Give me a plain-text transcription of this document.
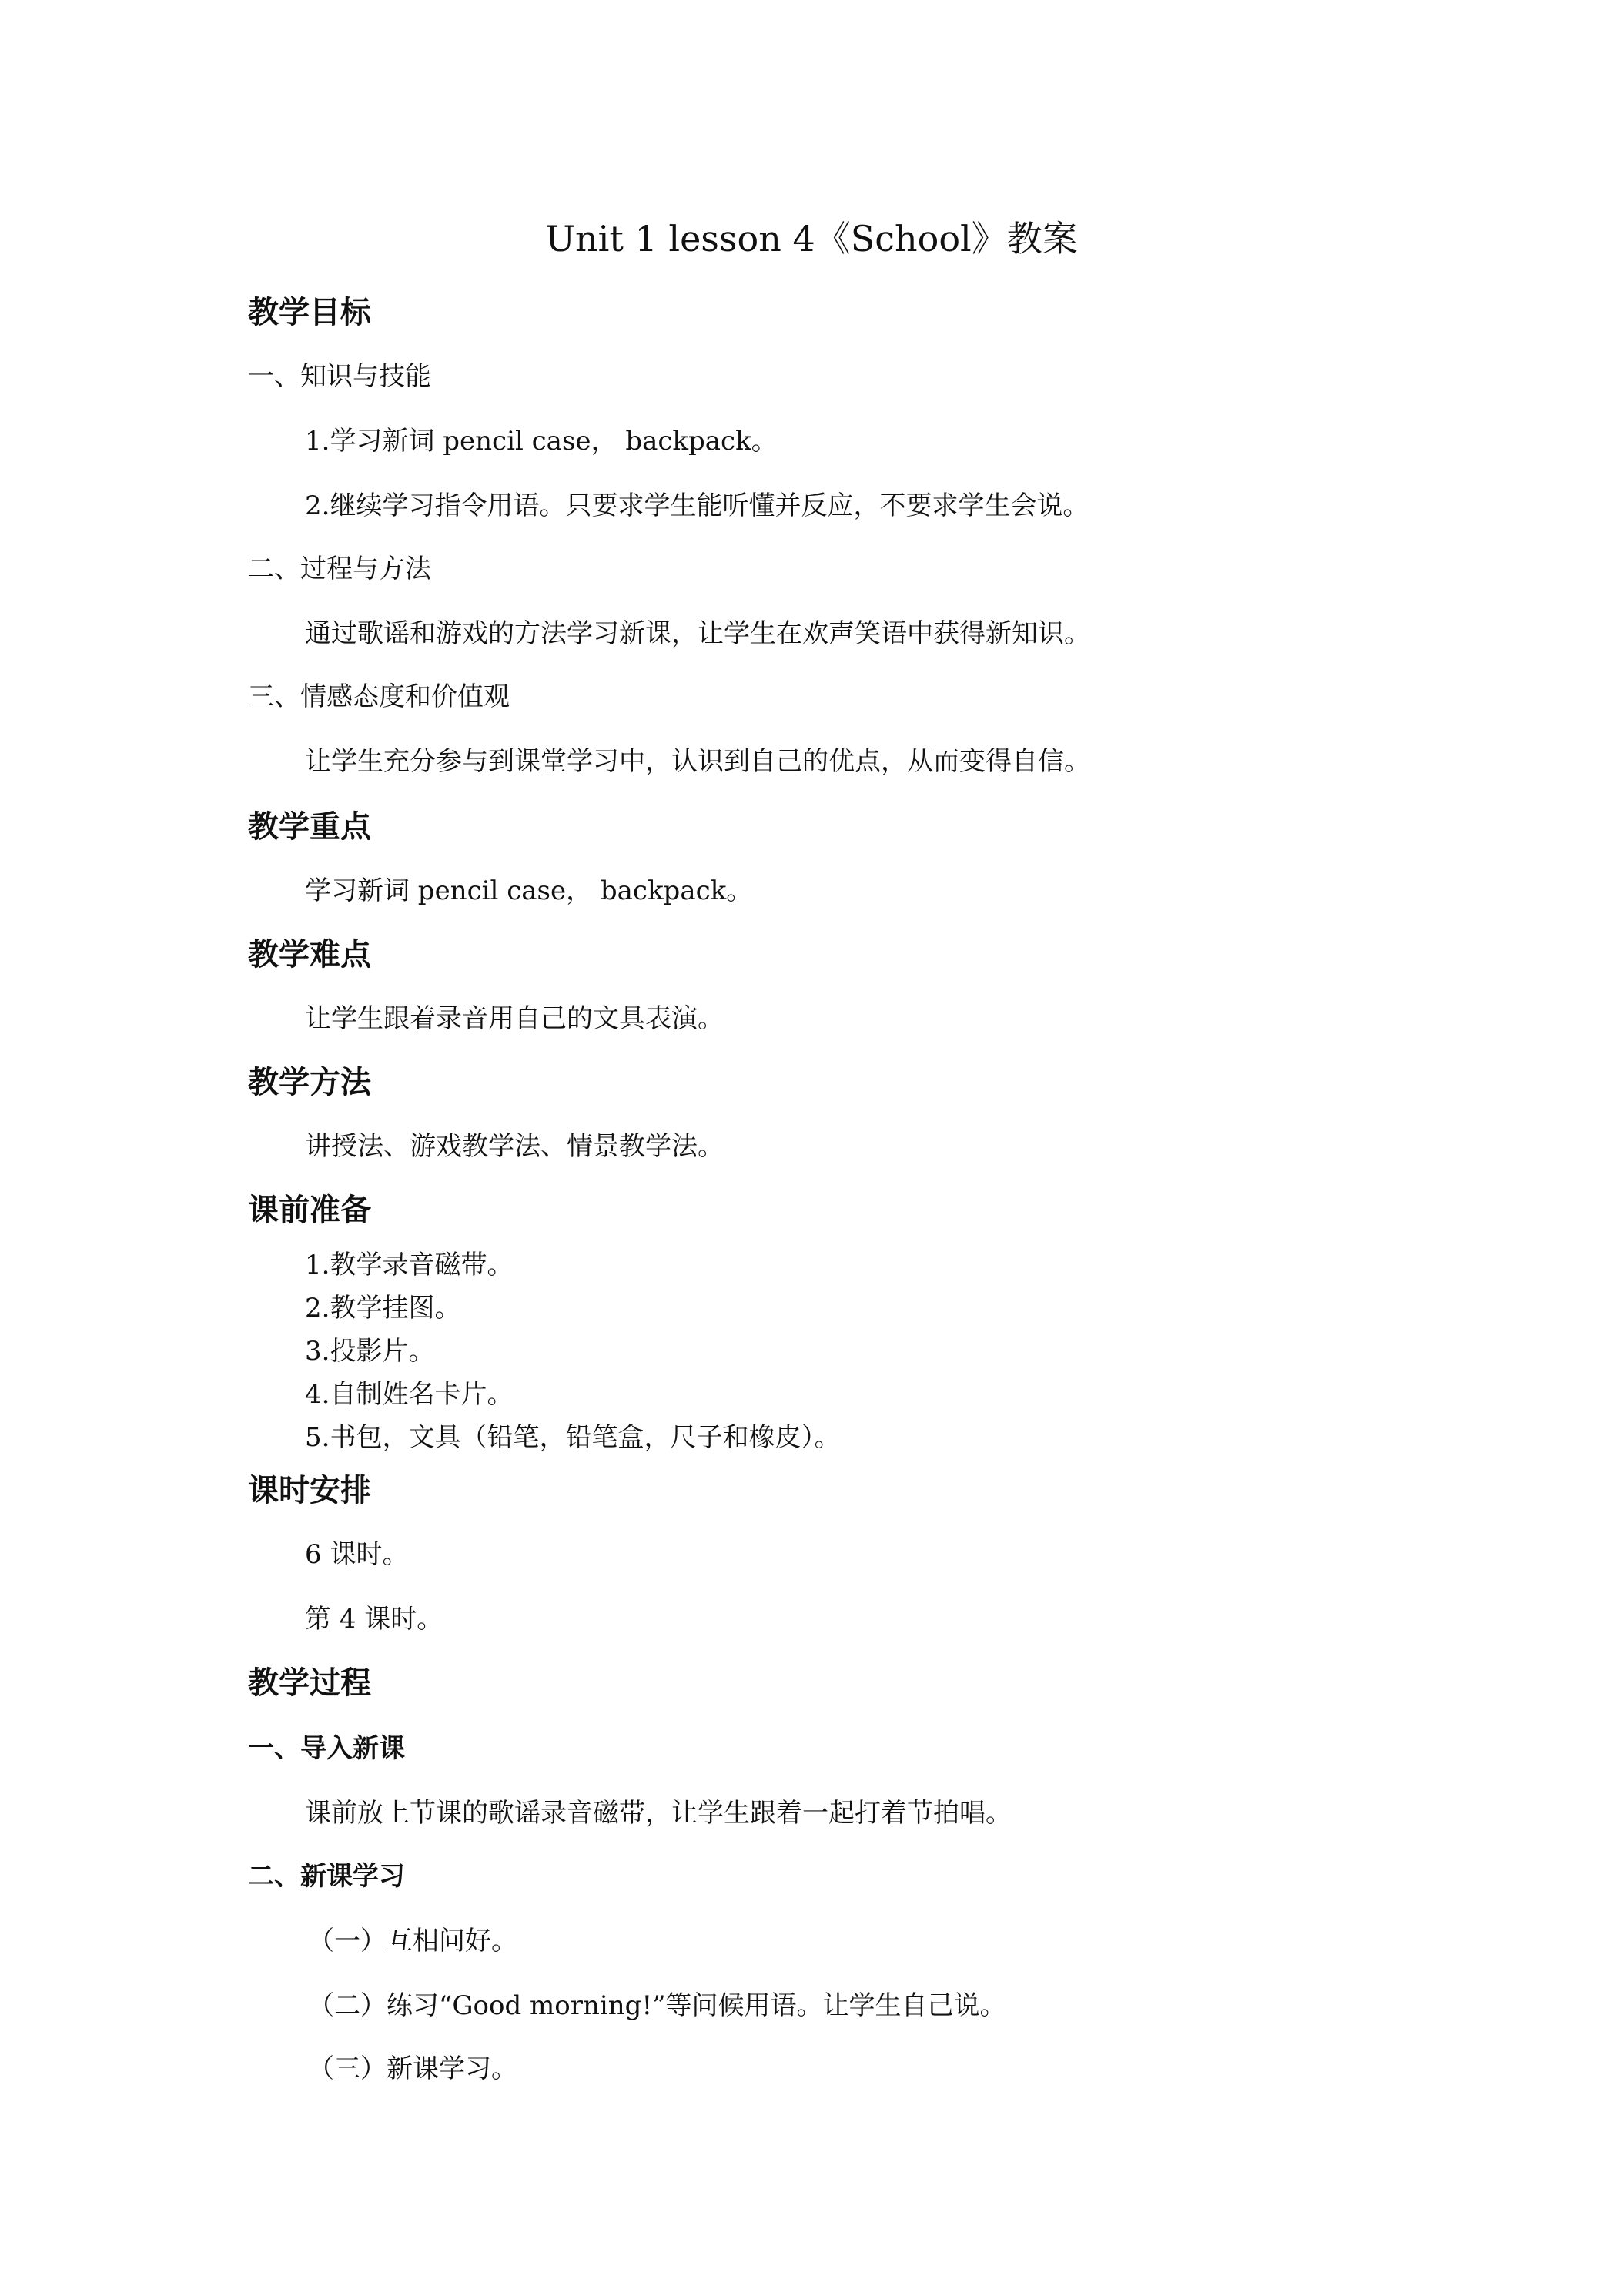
Unit 1 lesson 4《School》教案
教学目标
一、知识与技能
1.学习新词 pencil case， backpack。
2.继续学习指令用语。只要求学生能听懂并反应，不要求学生会说。
二、过程与方法
通过歌谣和游戏的方法学习新课，让学生在欢声笑语中获得新知识。
三、情感态度和价值观
让学生充分参与到课堂学习中，认识到自己的优点，从而变得自信。
教学重点
学习新词 pencil case， backpack。
教学难点
让学生跟着录音用自己的文具表演。
教学方法
讲授法、游戏教学法、情景教学法。
课前准备
1.教学录音磁带。
2.教学挂图。
3.投影片。
4.自制姓名卡片。
5.书包，文具（铅笔，铅笔盒，尺子和橡皮）。
课时安排
6 课时。
第 4 课时。
教学过程
一、导入新课
课前放上节课的歌谣录音磁带，让学生跟着一起打着节拍唱。
二、新课学习
（一）互相问好。
（二）练习“Good morning!”等问候用语。让学生自己说。
（三）新课学习。
